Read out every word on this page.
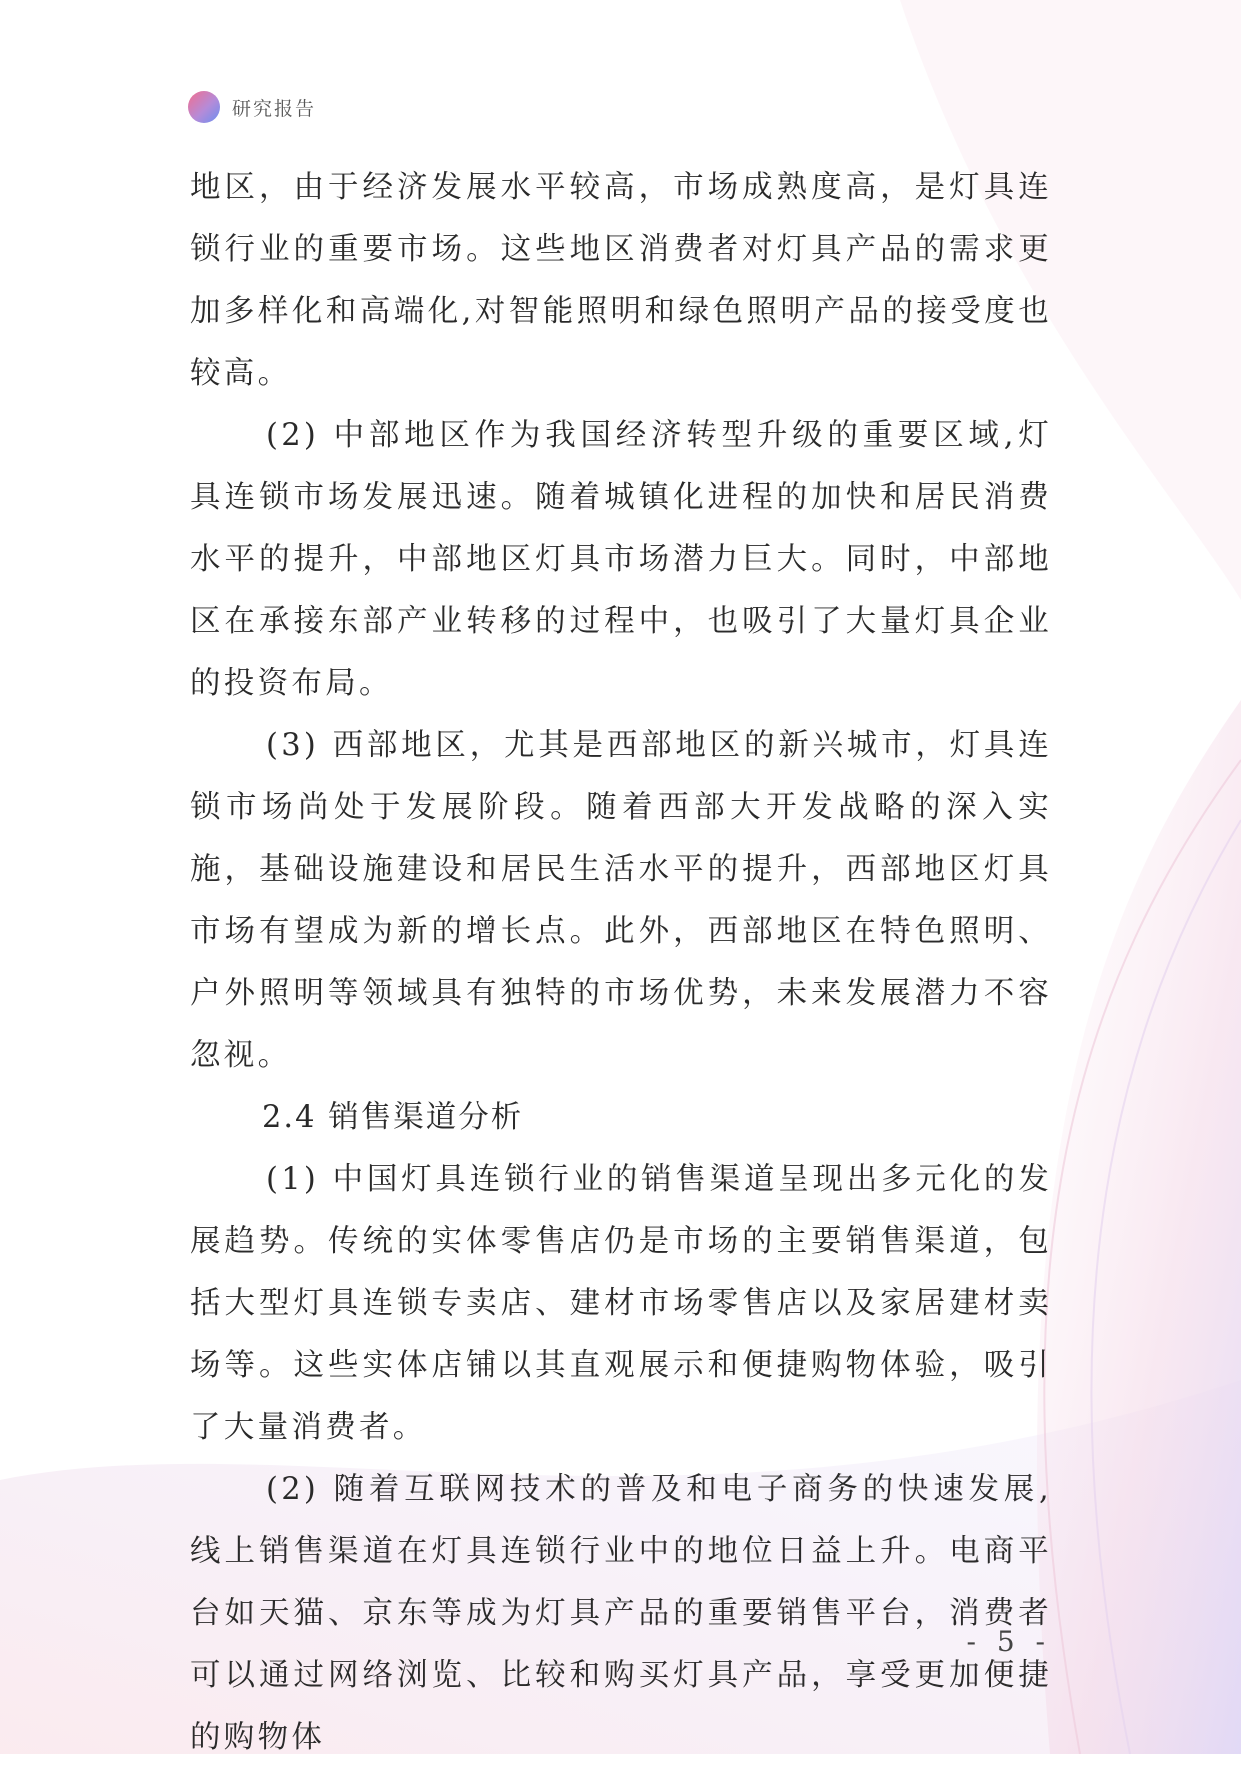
研究报告

地区，由于经济发展水平较高，市场成熟度高，是灯具连锁行业的重要市场。这些地区消费者对灯具产品的需求更加多样化和高端化,对智能照明和绿色照明产品的接受度也较高。

(2) 中部地区作为我国经济转型升级的重要区域,灯具连锁市场发展迅速。随着城镇化进程的加快和居民消费水平的提升，中部地区灯具市场潜力巨大。同时，中部地区在承接东部产业转移的过程中，也吸引了大量灯具企业的投资布局。

(3) 西部地区，尤其是西部地区的新兴城市，灯具连锁市场尚处于发展阶段。随着西部大开发战略的深入实施，基础设施建设和居民生活水平的提升，西部地区灯具市场有望成为新的增长点。此外，西部地区在特色照明、户外照明等领域具有独特的市场优势，未来发展潜力不容忽视。

2.4 销售渠道分析

(1) 中国灯具连锁行业的销售渠道呈现出多元化的发展趋势。传统的实体零售店仍是市场的主要销售渠道，包括大型灯具连锁专卖店、建材市场零售店以及家居建材卖场等。这些实体店铺以其直观展示和便捷购物体验，吸引了大量消费者。

(2) 随着互联网技术的普及和电子商务的快速发展,线上销售渠道在灯具连锁行业中的地位日益上升。电商平台如天猫、京东等成为灯具产品的重要销售平台，消费者可以通过网络浏览、比较和购买灯具产品，享受更加便捷的购物体

- 5 -
